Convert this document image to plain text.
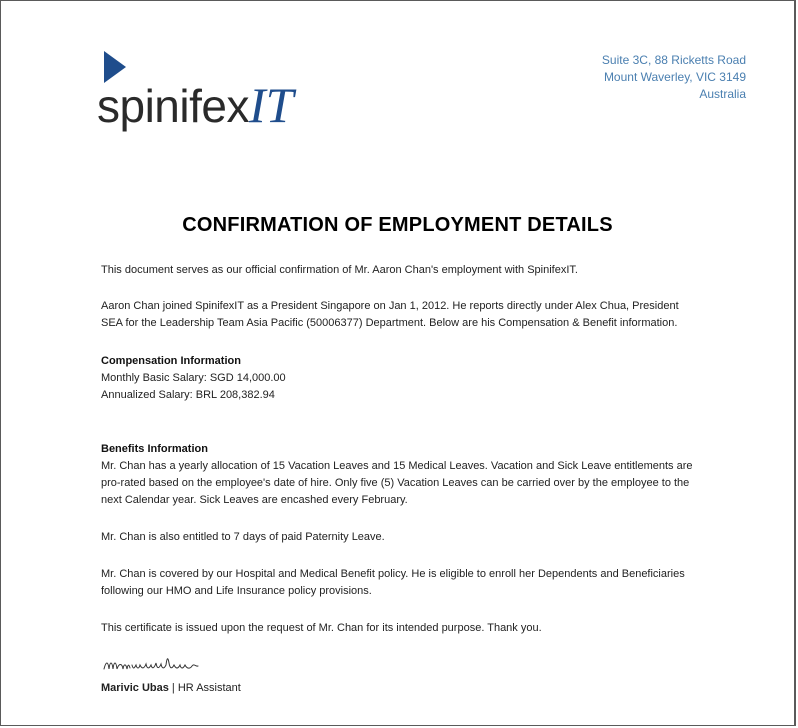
spinifexIT
Suite 3C, 88 Ricketts Road
Mount Waverley, VIC 3149
Australia
CONFIRMATION OF EMPLOYMENT DETAILS

This document serves as our official confirmation of Mr. Aaron Chan's employment with SpinifexIT.

Aaron Chan joined SpinifexIT as a President Singapore on Jan 1, 2012. He reports directly under Alex Chua, President SEA for the Leadership Team Asia Pacific (50006377) Department. Below are his Compensation & Benefit information.

Compensation Information

Monthly Basic Salary: SGD 14,000.00

Annualized Salary: BRL 208,382.94

Benefits Information

Mr. Chan has a yearly allocation of 15 Vacation Leaves and 15 Medical Leaves. Vacation and Sick Leave entitlements are pro-rated based on the employee's date of hire. Only five (5) Vacation Leaves can be carried over by the employee to the next Calendar year. Sick Leaves are encashed every February.

Mr. Chan is also entitled to 7 days of paid Paternity Leave.

Mr. Chan is covered by our Hospital and Medical Benefit policy. He is eligible to enroll her Dependents and Beneficiaries following our HMO and Life Insurance policy provisions.

This certificate is issued upon the request of Mr. Chan for its intended purpose. Thank you.

Marivic Ubas | HR Assistant
